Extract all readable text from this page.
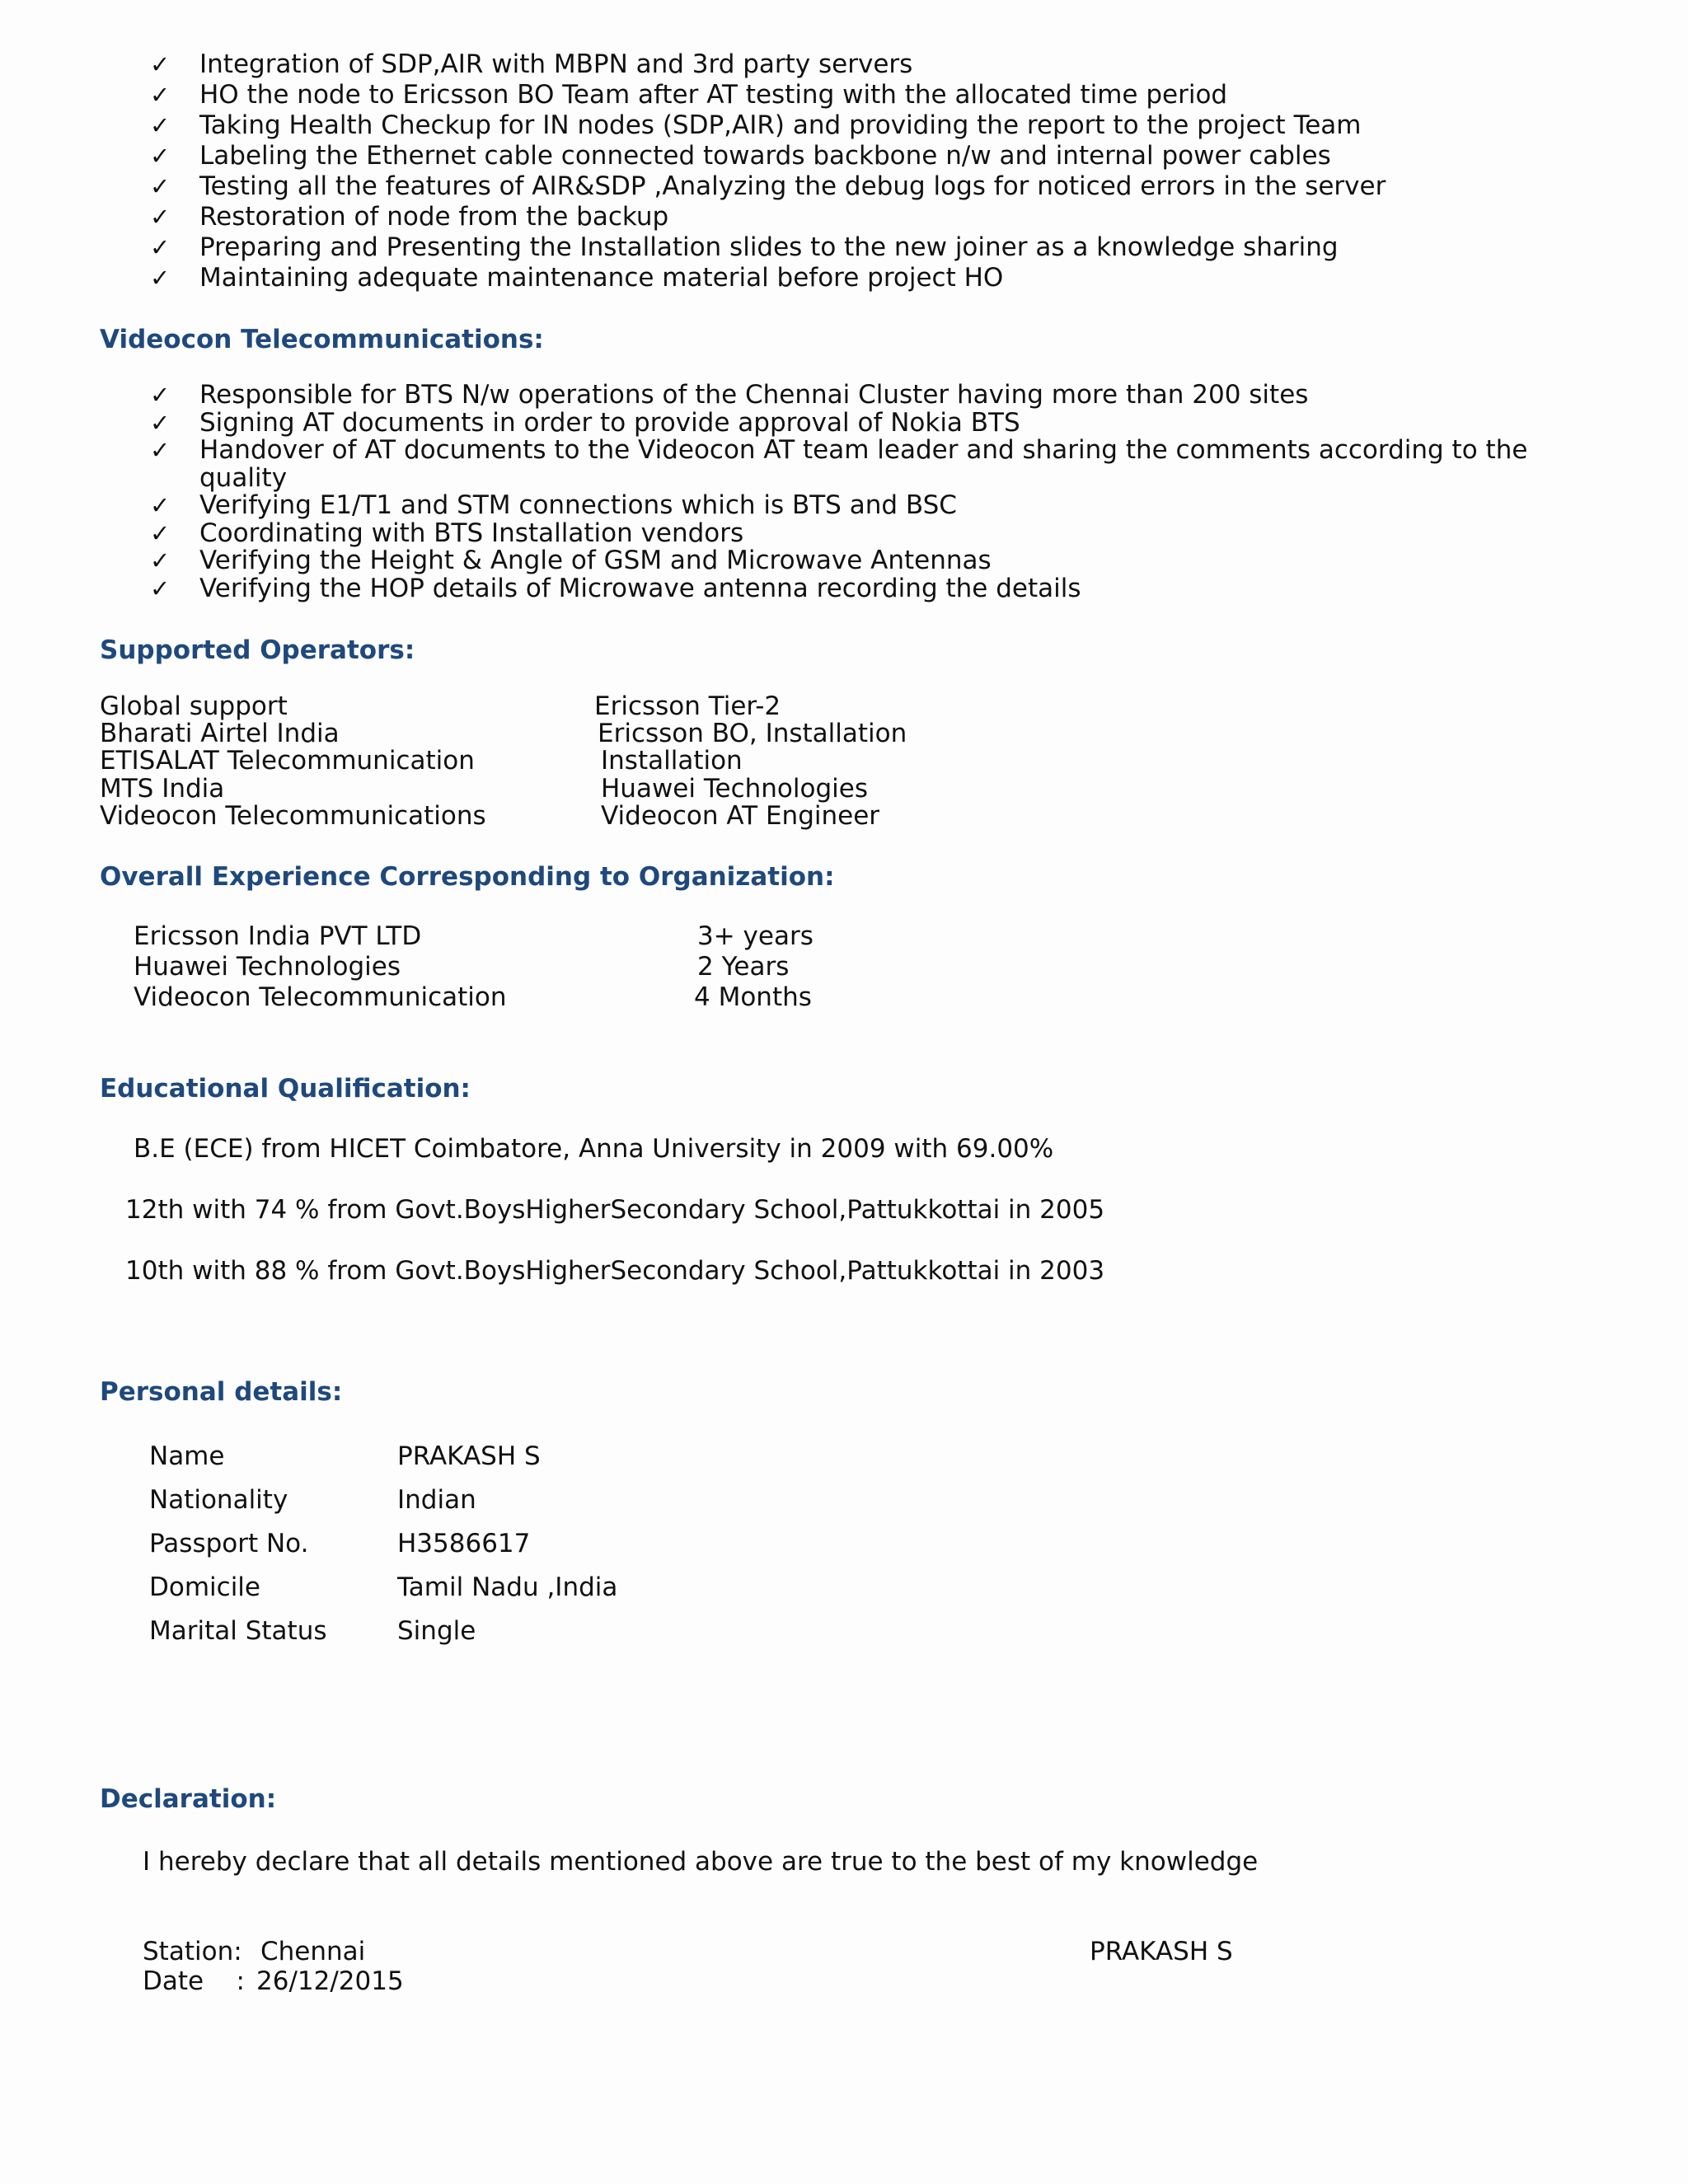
✓ Integration of SDP,AIR with MBPN and 3rd party servers
✓ HO the node to Ericsson BO Team after AT testing with the allocated time period
✓ Taking Health Checkup for IN nodes (SDP,AIR) and providing the report to the project Team
✓ Labeling the Ethernet cable connected towards backbone n/w and internal power cables
✓ Testing all the features of AIR&SDP ,Analyzing the debug logs for noticed errors in the server
✓ Restoration of node from the backup
✓ Preparing and Presenting the Installation slides to the new joiner as a knowledge sharing
✓ Maintaining adequate maintenance material before project HO
Videocon Telecommunications:
✓ Responsible for BTS N/w operations of the Chennai Cluster having more than 200 sites
✓ Signing AT documents in order to provide approval of Nokia BTS
✓ Handover of AT documents to the Videocon AT team leader and sharing the comments according to the quality
✓ Verifying E1/T1 and STM connections which is BTS and BSC
✓ Coordinating with BTS Installation vendors
✓ Verifying the Height & Angle of GSM and Microwave Antennas
✓ Verifying the HOP details of Microwave antenna recording the details
Supported Operators:
Global support	Ericsson Tier-2
Bharati Airtel India	Ericsson BO, Installation
ETISALAT Telecommunication	Installation
MTS India	Huawei Technologies
Videocon Telecommunications	Videocon AT Engineer
Overall Experience Corresponding to Organization:
Ericsson India PVT LTD	3+ years
Huawei Technologies	2 Years
Videocon Telecommunication	4 Months
Educational Qualification:
B.E (ECE) from HICET Coimbatore, Anna University in 2009 with 69.00%
12th with 74 % from Govt.BoysHigherSecondary School,Pattukkottai in 2005
10th with 88 % from Govt.BoysHigherSecondary School,Pattukkottai in 2003
Personal details:
Name	PRAKASH S
Nationality	Indian
Passport No.	H3586617
Domicile	Tamil Nadu ,India
Marital Status	Single
Declaration:
I hereby declare that all details mentioned above are true to the best of my knowledge
Station: Chennai
Date    : 26/12/2015
PRAKASH S
